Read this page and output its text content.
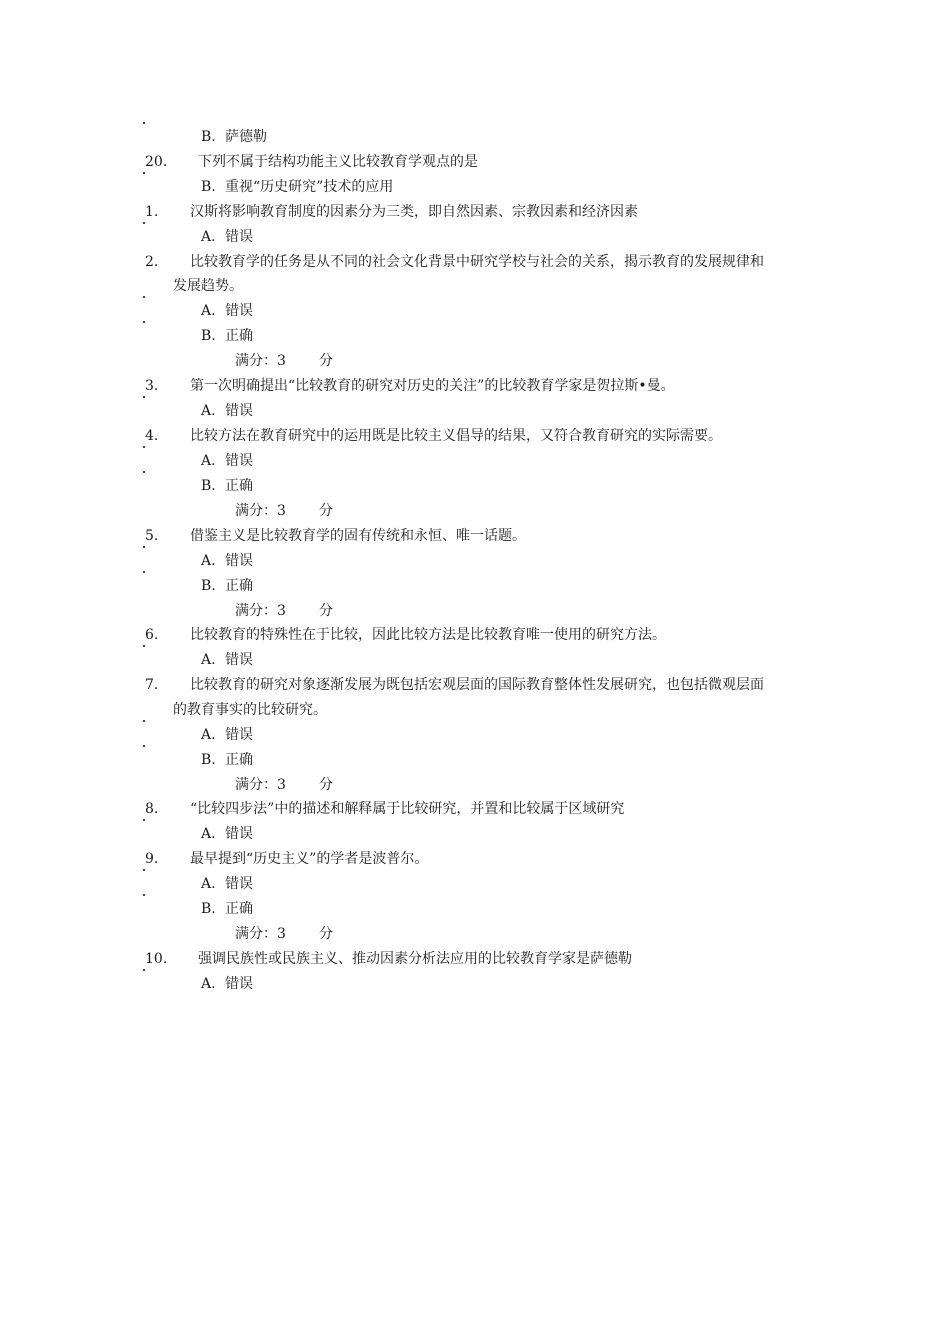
B. 萨德勒
20. 下列不属于结构功能主义比较教育学观点的是
B. 重视“历史研究”技术的应用
1. 汉斯将影响教育制度的因素分为三类，即自然因素、宗教因素和经济因素
A. 错误
2. 比较教育学的任务是从不同的社会文化背景中研究学校与社会的关系，揭示教育的发展规律和
发展趋势。
A. 错误
B. 正确
满分：3 分
3. 第一次明确提出“比较教育的研究对历史的关注”的比较教育学家是贺拉斯•曼。
A. 错误
4. 比较方法在教育研究中的运用既是比较主义倡导的结果，又符合教育研究的实际需要。
A. 错误
B. 正确
满分：3 分
5. 借鉴主义是比较教育学的固有传统和永恒、唯一话题。
A. 错误
B. 正确
满分：3 分
6. 比较教育的特殊性在于比较，因此比较方法是比较教育唯一使用的研究方法。
A. 错误
7. 比较教育的研究对象逐渐发展为既包括宏观层面的国际教育整体性发展研究，也包括微观层面
的教育事实的比较研究。
A. 错误
B. 正确
满分：3 分
8. “比较四步法”中的描述和解释属于比较研究，并置和比较属于区域研究
A. 错误
9. 最早提到“历史主义”的学者是波普尔。
A. 错误
B. 正确
满分：3 分
10. 强调民族性或民族主义、推动因素分析法应用的比较教育学家是萨德勒
A. 错误
